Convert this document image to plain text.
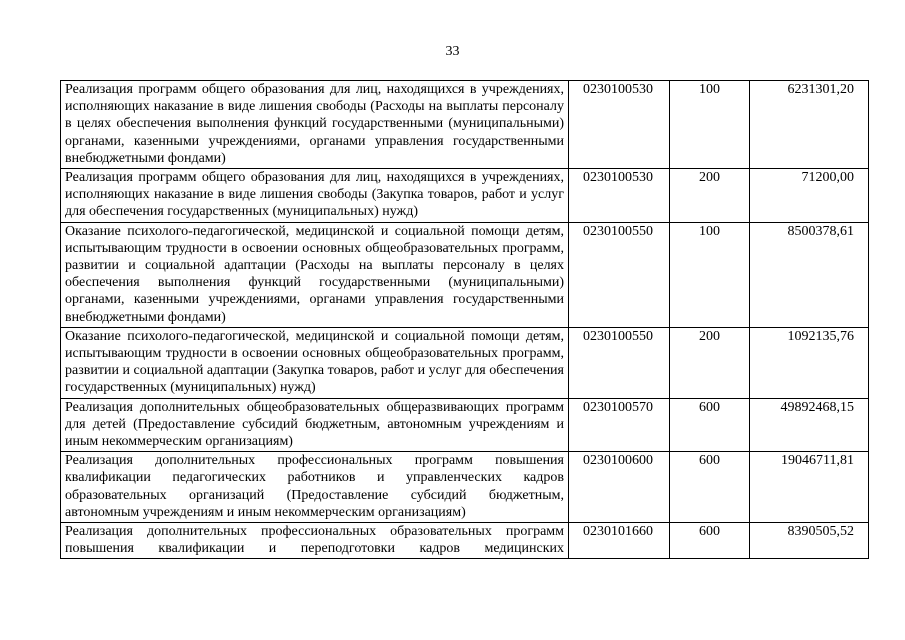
33
Реализация программ общего образования для лиц, находящихся в учреждениях, исполняющих наказание в виде лишения свободы (Расходы на выплаты персоналу в целях обеспечения выполнения функций государственными (муниципальными) органами, казенными учреждениями, органами управления государственными внебюджетными фондами)	0230100530	100	6231301,20
Реализация программ общего образования для лиц, находящихся в учреждениях, исполняющих наказание в виде лишения свободы (Закупка товаров, работ и услуг для обеспечения государственных (муниципальных) нужд)	0230100530	200	71200,00
Оказание психолого-педагогической, медицинской и социальной помощи детям, испытывающим трудности в освоении основных общеобразовательных программ, развитии и социальной адаптации (Расходы на выплаты персоналу в целях обеспечения выполнения функций государственными (муниципальными) органами, казенными учреждениями, органами управления государственными внебюджетными фондами)	0230100550	100	8500378,61
Оказание психолого-педагогической, медицинской и социальной помощи детям, испытывающим трудности в освоении основных общеобразовательных программ, развитии и социальной адаптации (Закупка товаров, работ и услуг для обеспечения государственных (муниципальных) нужд)	0230100550	200	1092135,76
Реализация дополнительных общеобразовательных общеразвивающих программ для детей (Предоставление субсидий бюджетным, автономным учреждениям и иным некоммерческим организациям)	0230100570	600	49892468,15
Реализация дополнительных профессиональных программ повышения квалификации педагогических работников и управленческих кадров образовательных организаций (Предоставление субсидий бюджетным, автономным учреждениям и иным некоммерческим организациям)	0230100600	600	19046711,81

Реализация дополнительных профессиональных образовательных программ повышения квалификации и переподготовки кадров медицинских	0230101660	600	8390505,52
